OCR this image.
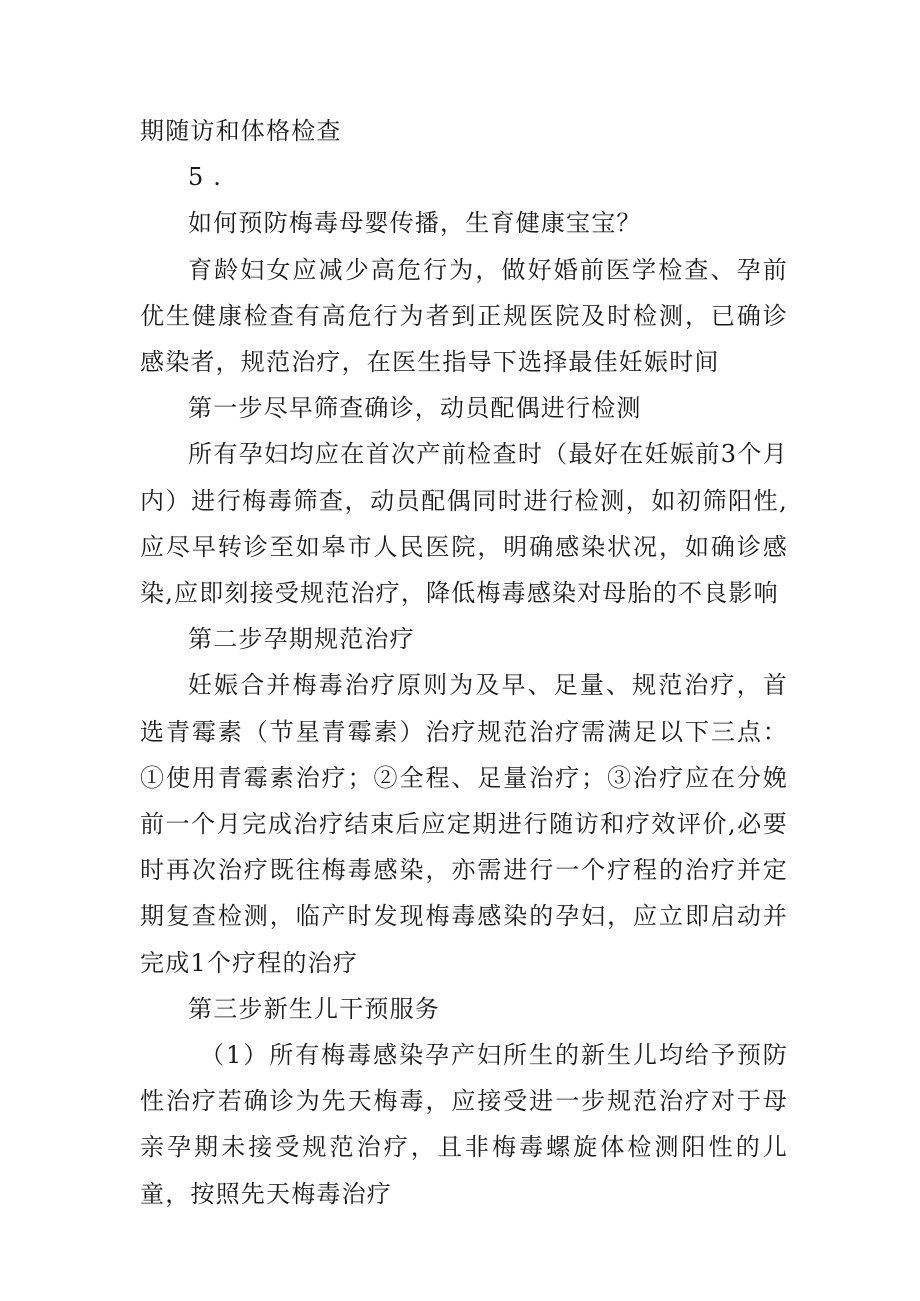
期随访和体格检查

5 .

如何预防梅毒母婴传播，生育健康宝宝？

育龄妇女应减少高危行为，做好婚前医学检查、孕前优生健康检查有高危行为者到正规医院及时检测，已确诊感染者，规范治疗，在医生指导下选择最佳妊娠时间

第一步尽早筛查确诊，动员配偶进行检测

所有孕妇均应在首次产前检查时（最好在妊娠前3个月内）进行梅毒筛查，动员配偶同时进行检测，如初筛阳性,应尽早转诊至如皋市人民医院，明确感染状况，如确诊感染,应即刻接受规范治疗，降低梅毒感染对母胎的不良影响

第二步孕期规范治疗

妊娠合并梅毒治疗原则为及早、足量、规范治疗，首选青霉素（节星青霉素）治疗规范治疗需满足以下三点：①使用青霉素治疗；②全程、足量治疗；③治疗应在分娩前一个月完成治疗结束后应定期进行随访和疗效评价,必要时再次治疗既往梅毒感染，亦需进行一个疗程的治疗并定期复查检测，临产时发现梅毒感染的孕妇，应立即启动并完成1个疗程的治疗

第三步新生儿干预服务

（1）所有梅毒感染孕产妇所生的新生儿均给予预防性治疗若确诊为先天梅毒，应接受进一步规范治疗对于母亲孕期未接受规范治疗，且非梅毒螺旋体检测阳性的儿童，按照先天梅毒治疗
